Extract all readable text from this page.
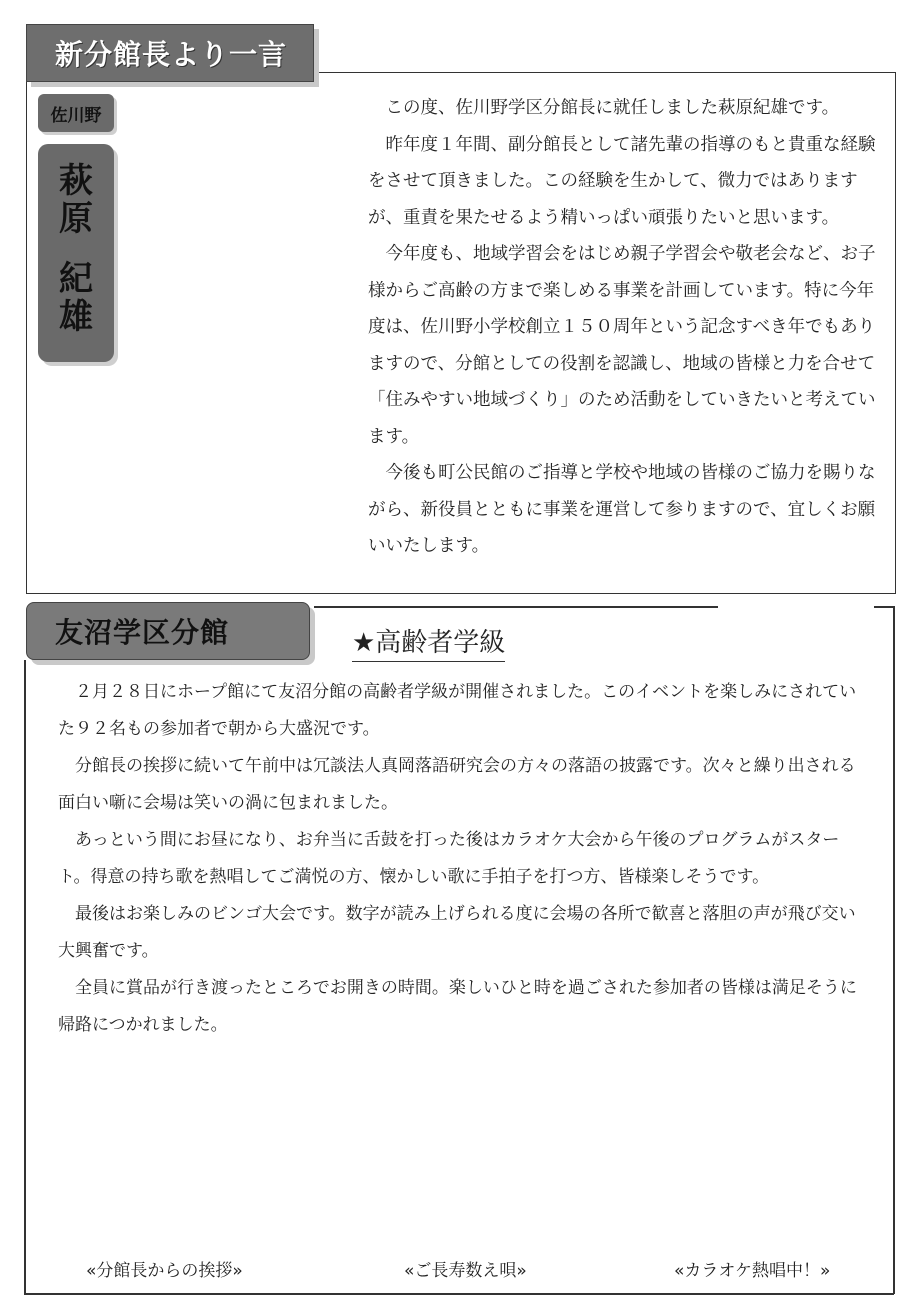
新分館長より一言
佐川野
萩
原
紀
雄

この度、佐川野学区分館長に就任しました萩原紀雄です。

昨年度１年間、副分館長として諸先輩の指導のもと貴重な経験をさせて頂きました。この経験を生かして、微力ではありますが、重責を果たせるよう精いっぱい頑張りたいと思います。

今年度も、地域学習会をはじめ親子学習会や敬老会など、お子様からご高齢の方まで楽しめる事業を計画しています。特に今年度は、佐川野小学校創立１５０周年という記念すべき年でもありますので、分館としての役割を認識し、地域の皆様と力を合せて「住みやすい地域づくり」のため活動をしていきたいと考えています。

今後も町公民館のご指導と学校や地域の皆様のご協力を賜りながら、新役員とともに事業を運営して参りますので、宜しくお願いいたします。

友沼学区分館	★高齢者学級

２月２８日にホープ館にて友沼分館の高齢者学級が開催されました。このイベントを楽しみにされていた９２名もの参加者で朝から大盛況です。

分館長の挨拶に続いて午前中は冗談法人真岡落語研究会の方々の落語の披露です。次々と繰り出される面白い噺に会場は笑いの渦に包まれました。

あっという間にお昼になり、お弁当に舌鼓を打った後はカラオケ大会から午後のプログラムがスタート。得意の持ち歌を熱唱してご満悦の方、懐かしい歌に手拍子を打つ方、皆様楽しそうです。

最後はお楽しみのビンゴ大会です。数字が読み上げられる度に会場の各所で歓喜と落胆の声が飛び交い大興奮です。

全員に賞品が行き渡ったところでお開きの時間。楽しいひと時を過ごされた参加者の皆様は満足そうに帰路につかれました。

«分館長からの挨拶»	«ご長寿数え唄»	«カラオケ熱唱中！»
